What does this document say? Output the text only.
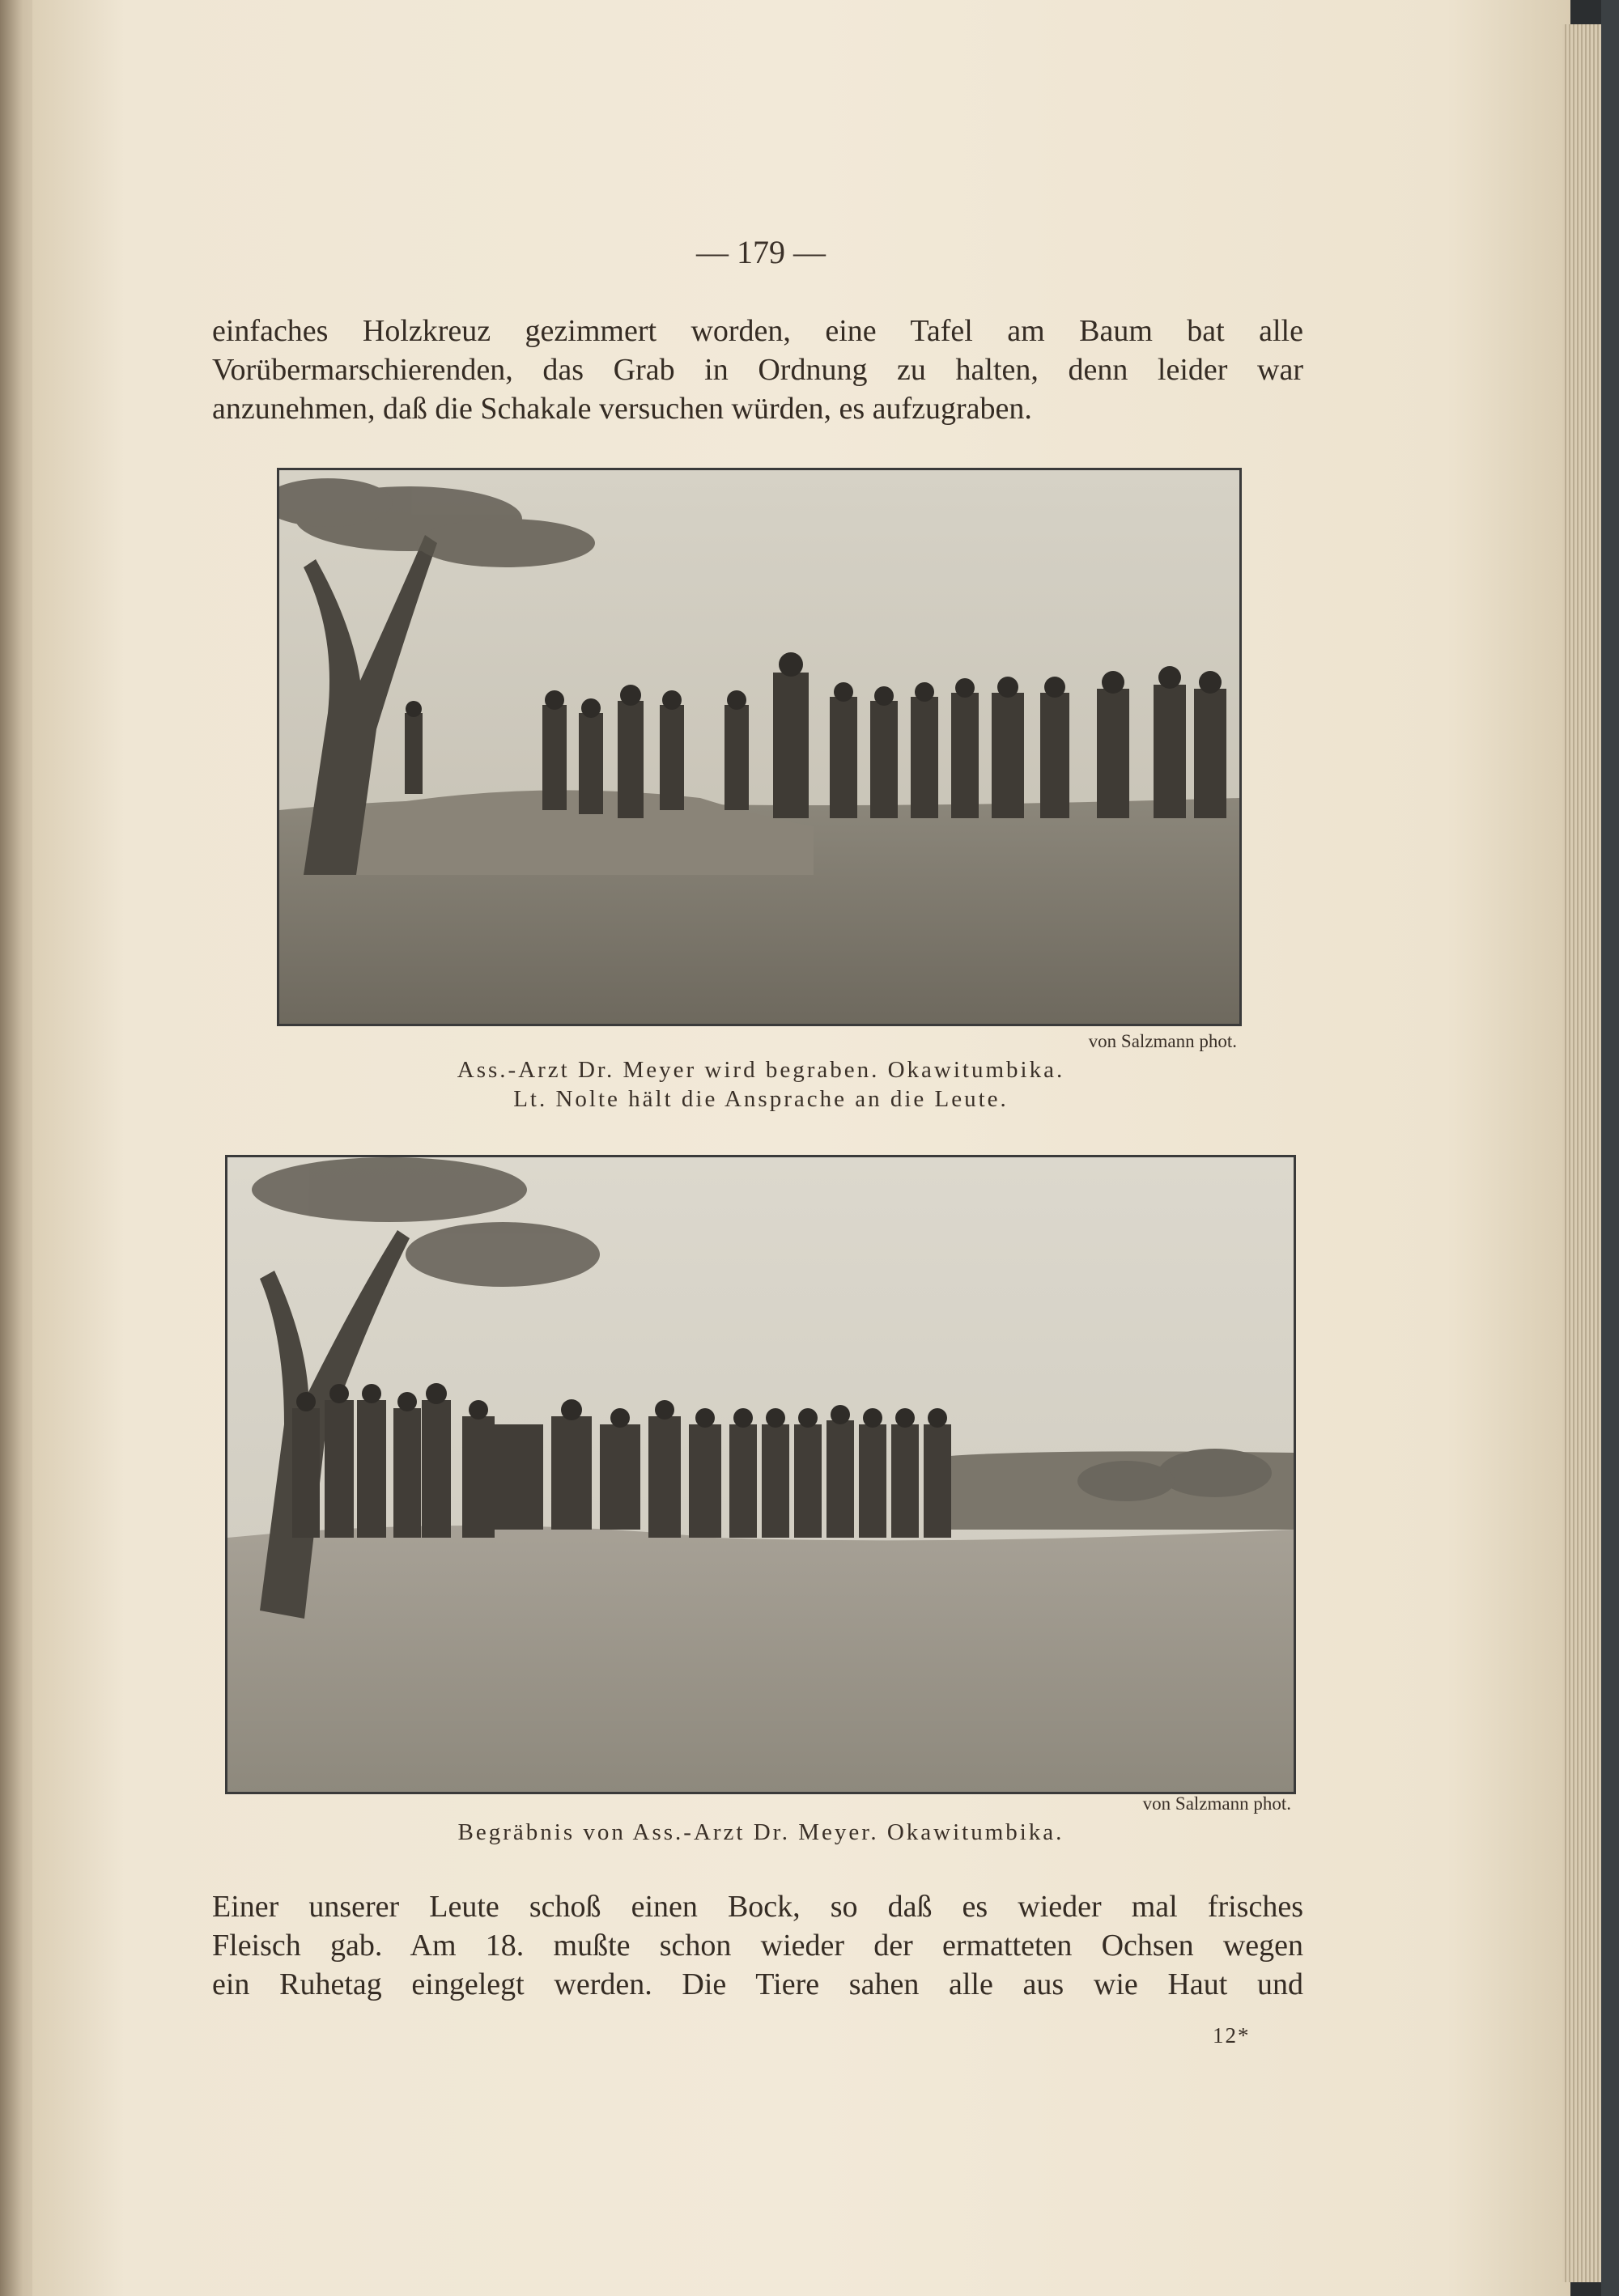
— 179 —
einfaches Holzkreuz gezimmert worden, eine Tafel am Baum bat alle
Vorübermarschierenden, das Grab in Ordnung zu halten, denn leider war
anzunehmen, daß die Schakale versuchen würden, es aufzugraben.
von Salzmann phot.
Ass.-Arzt Dr. Meyer wird begraben. Okawitumbika.
Lt. Nolte hält die Ansprache an die Leute.
von Salzmann phot.
Begräbnis von Ass.-Arzt Dr. Meyer. Okawitumbika.
Einer unserer Leute schoß einen Bock, so daß es wieder mal frisches
Fleisch gab. Am 18. mußte schon wieder der ermatteten Ochsen wegen
ein Ruhetag eingelegt werden. Die Tiere sahen alle aus wie Haut und
12*
